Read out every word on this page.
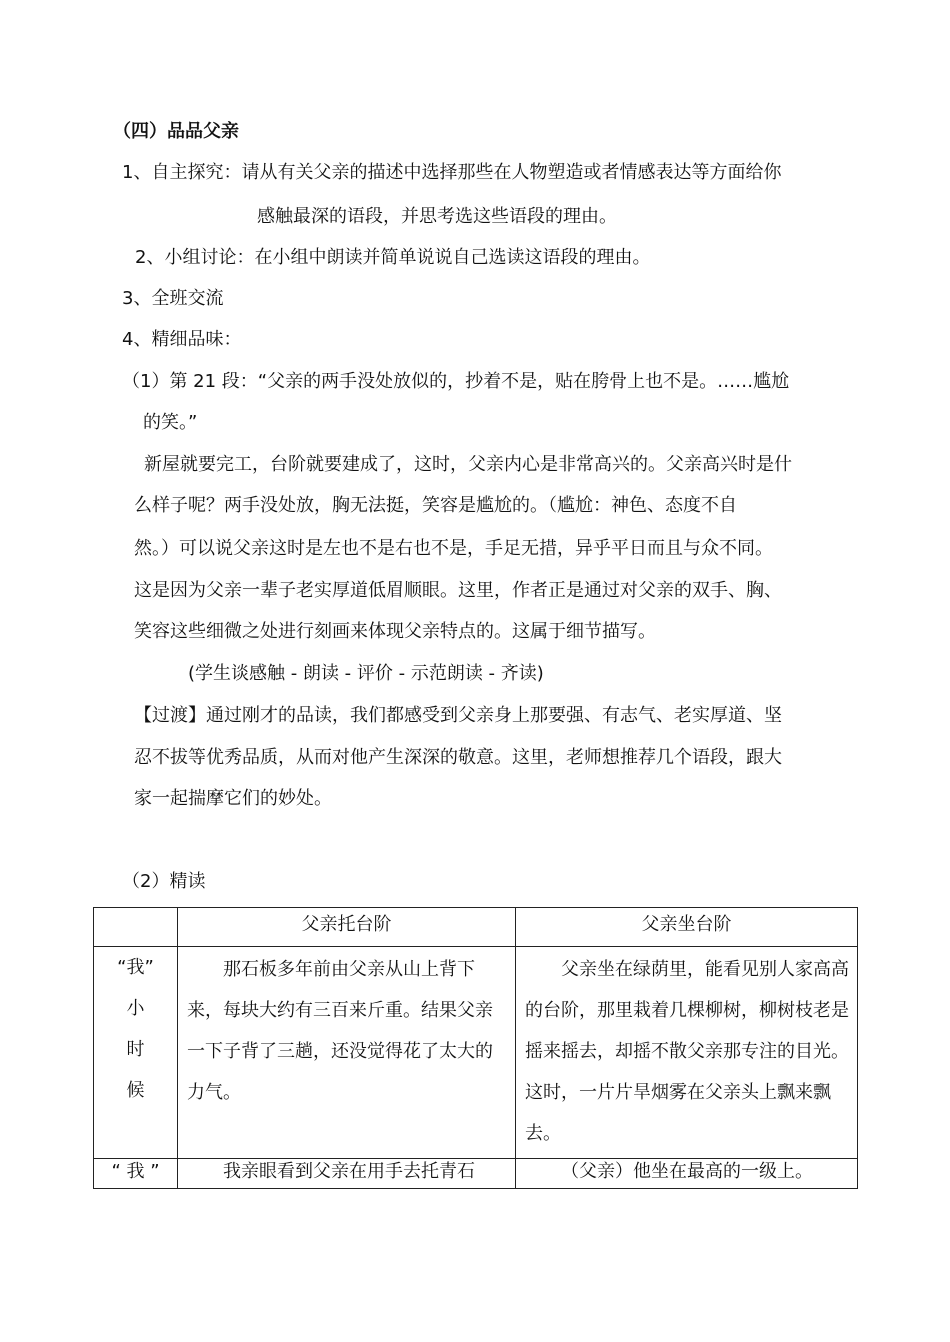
（四）品品父亲
1、自主探究：请从有关父亲的描述中选择那些在人物塑造或者情感表达等方面给你
感触最深的语段，并思考选这些语段的理由。
2、小组讨论：在小组中朗读并简单说说自己选读这语段的理由。
3、全班交流
4、精细品味：
（1）第 21 段：“父亲的两手没处放似的，抄着不是，贴在胯骨上也不是。……尴尬
的笑。”
新屋就要完工，台阶就要建成了，这时，父亲内心是非常高兴的。父亲高兴时是什
么样子呢？两手没处放，胸无法挺，笑容是尴尬的。（尴尬：神色、态度不自
然。）可以说父亲这时是左也不是右也不是，手足无措，异乎平日而且与众不同。
这是因为父亲一辈子老实厚道低眉顺眼。这里，作者正是通过对父亲的双手、胸、
笑容这些细微之处进行刻画来体现父亲特点的。这属于细节描写。
(学生谈感触 - 朗读 - 评价 - 示范朗读 - 齐读)
【过渡】通过刚才的品读，我们都感受到父亲身上那要强、有志气、老实厚道、坚
忍不拔等优秀品质，从而对他产生深深的敬意。这里，老师想推荐几个语段，跟大
家一起揣摩它们的妙处。
（2）精读
	父亲托台阶	父亲坐台阶

“我”
小
时
候	那石板多年前由父亲从山上背下来，每块大约有三百来斤重。结果父亲一下子背了三趟，还没觉得花了太大的力气。	父亲坐在绿荫里，能看见别人家高高的台阶，那里栽着几棵柳树，柳树枝老是摇来摇去，却摇不散父亲那专注的目光。这时，一片片旱烟雾在父亲头上飘来飘去。

“ 我 ”	我亲眼看到父亲在用手去托青石	（父亲）他坐在最高的一级上。
